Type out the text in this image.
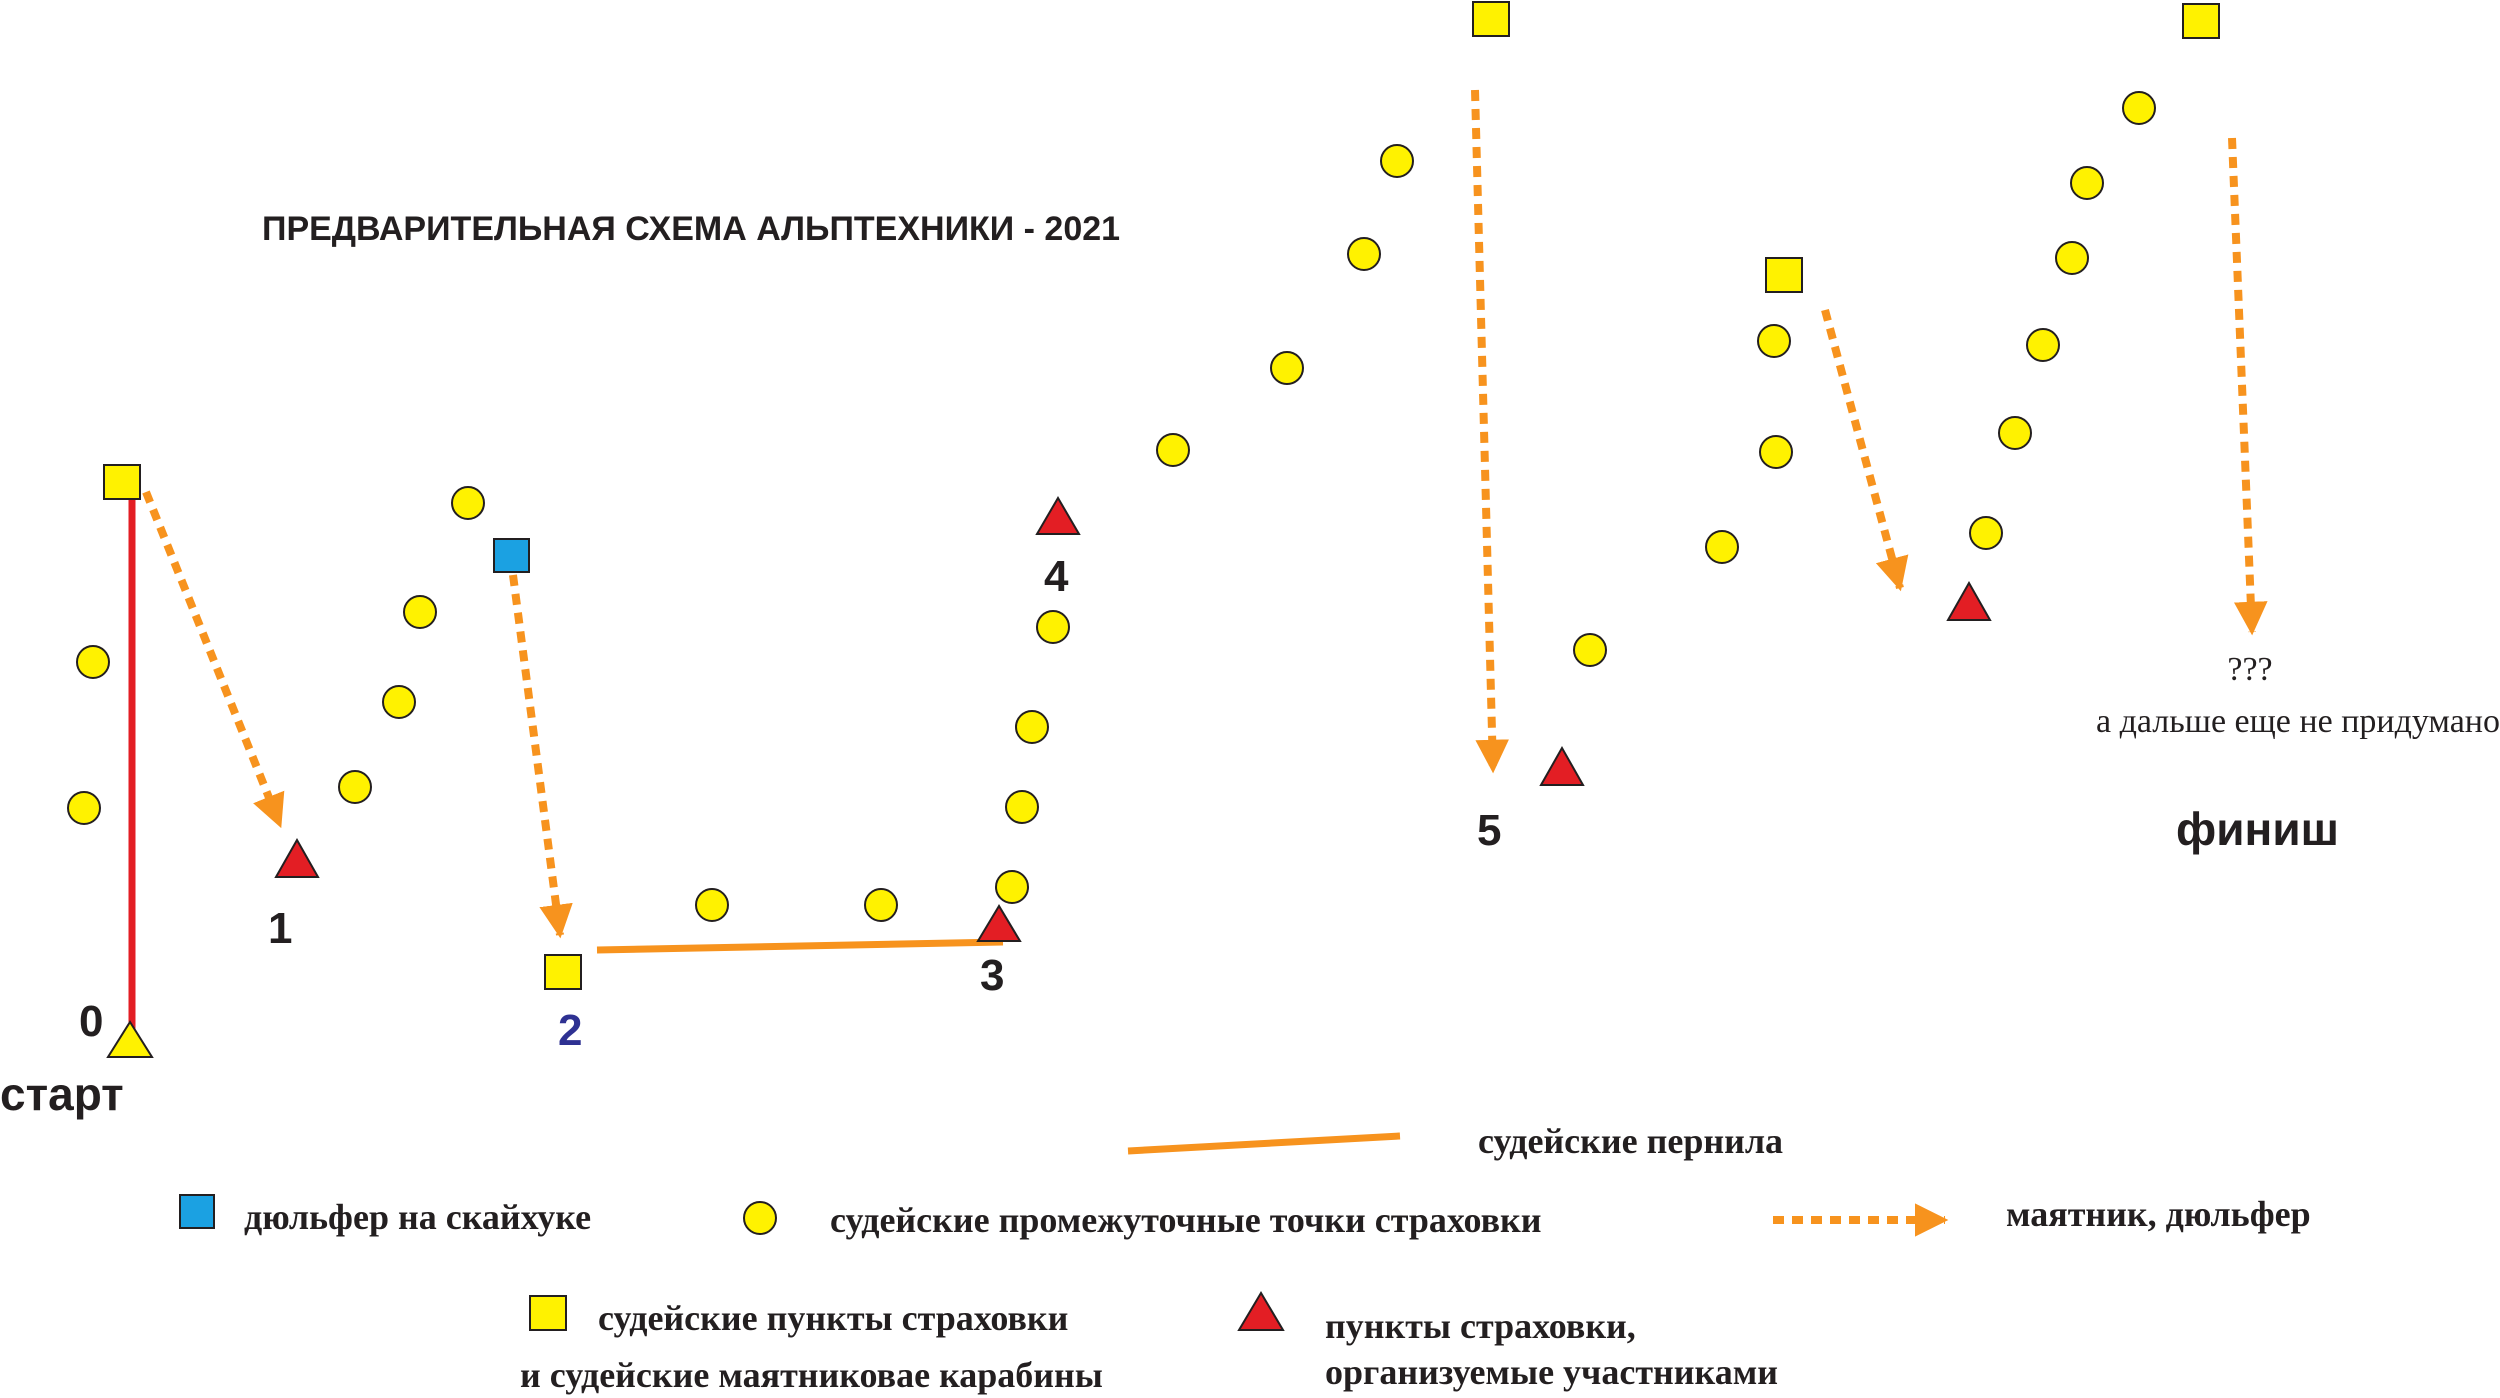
ПРЕДВАРИТЕЛЬНАЯ СХЕМА АЛЬПТЕХНИКИ - 2021
0
старт
1
2
3
4
5	финиш
???
а дальше еще не придумано
судейские пернила
дюльфер на скайхуке	судейские промежуточные точки страховки	маятник, дюльфер
судейские пункты страховки
и судейские маятниковае карабины
пункты страховки,
организуемые участниками
